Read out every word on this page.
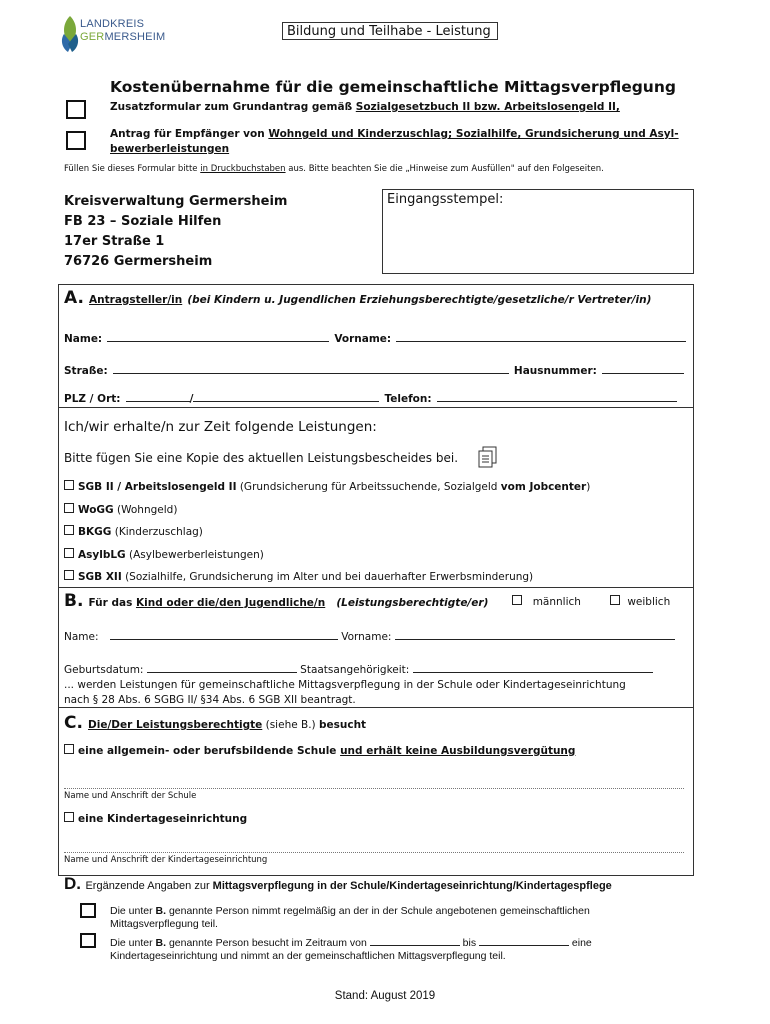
LANDKREIS
GERMERSHEIM	Bildung und Teilhabe - Leistung
Kostenübernahme für die gemeinschaftliche Mittagsverpflegung
Zusatzformular zum Grundantrag gemäß Sozialgesetzbuch II bzw. Arbeitslosengeld II,
Antrag für Empfänger von Wohngeld und Kinderzuschlag; Sozialhilfe, Grundsicherung und Asyl-
bewerberleistungen
Füllen Sie dieses Formular bitte in Druckbuchstaben aus. Bitte beachten Sie die „Hinweise zum Ausfüllen" auf den Folgeseiten.
Kreisverwaltung Germersheim
FB 23 – Soziale Hilfen
17er Straße 1
76726 Germersheim
Eingangsstempel:
A. Antragsteller/in (bei Kindern u. Jugendlichen Erziehungsberechtigte/gesetzliche/r Vertreter/in)
Name:	Vorname:
Straße:	Hausnummer:
PLZ / Ort:	/	Telefon:
Ich/wir erhalte/n zur Zeit folgende Leistungen:
Bitte fügen Sie eine Kopie des aktuellen Leistungsbescheides bei.
SGB II / Arbeitslosengeld II (Grundsicherung für Arbeitssuchende, Sozialgeld vom Jobcenter)
WoGG (Wohngeld)
BKGG (Kinderzuschlag)
AsylbLG (Asylbewerberleistungen)
SGB XII (Sozialhilfe, Grundsicherung im Alter und bei dauerhafter Erwerbsminderung)
B. Für das Kind oder die/den Jugendliche/n (Leistungsberechtigte/er)	männlich	weiblich
Name:	Vorname:
Geburtsdatum:	Staatsangehörigkeit:
... werden Leistungen für gemeinschaftliche Mittagsverpflegung in der Schule oder Kindertageseinrichtung
nach § 28 Abs. 6 SGBG II/ §34 Abs. 6 SGB XII beantragt.
C. Die/Der Leistungsberechtigte (siehe B.) besucht
eine allgemein- oder berufsbildende Schule und erhält keine Ausbildungsvergütung
Name und Anschrift der Schule
eine Kindertageseinrichtung
Name und Anschrift der Kindertageseinrichtung
D. Ergänzende Angaben zur Mittagsverpflegung in der Schule/Kindertageseinrichtung/Kindertagespflege
Die unter B. genannte Person nimmt regelmäßig an der in der Schule angebotenen gemeinschaftlichen
Mittagsverpflegung teil.
Die unter B. genannte Person besucht im Zeitraum von	bis	eine
Kindertageseinrichtung und nimmt an der gemeinschaftlichen Mittagsverpflegung teil.
Stand: August 2019
